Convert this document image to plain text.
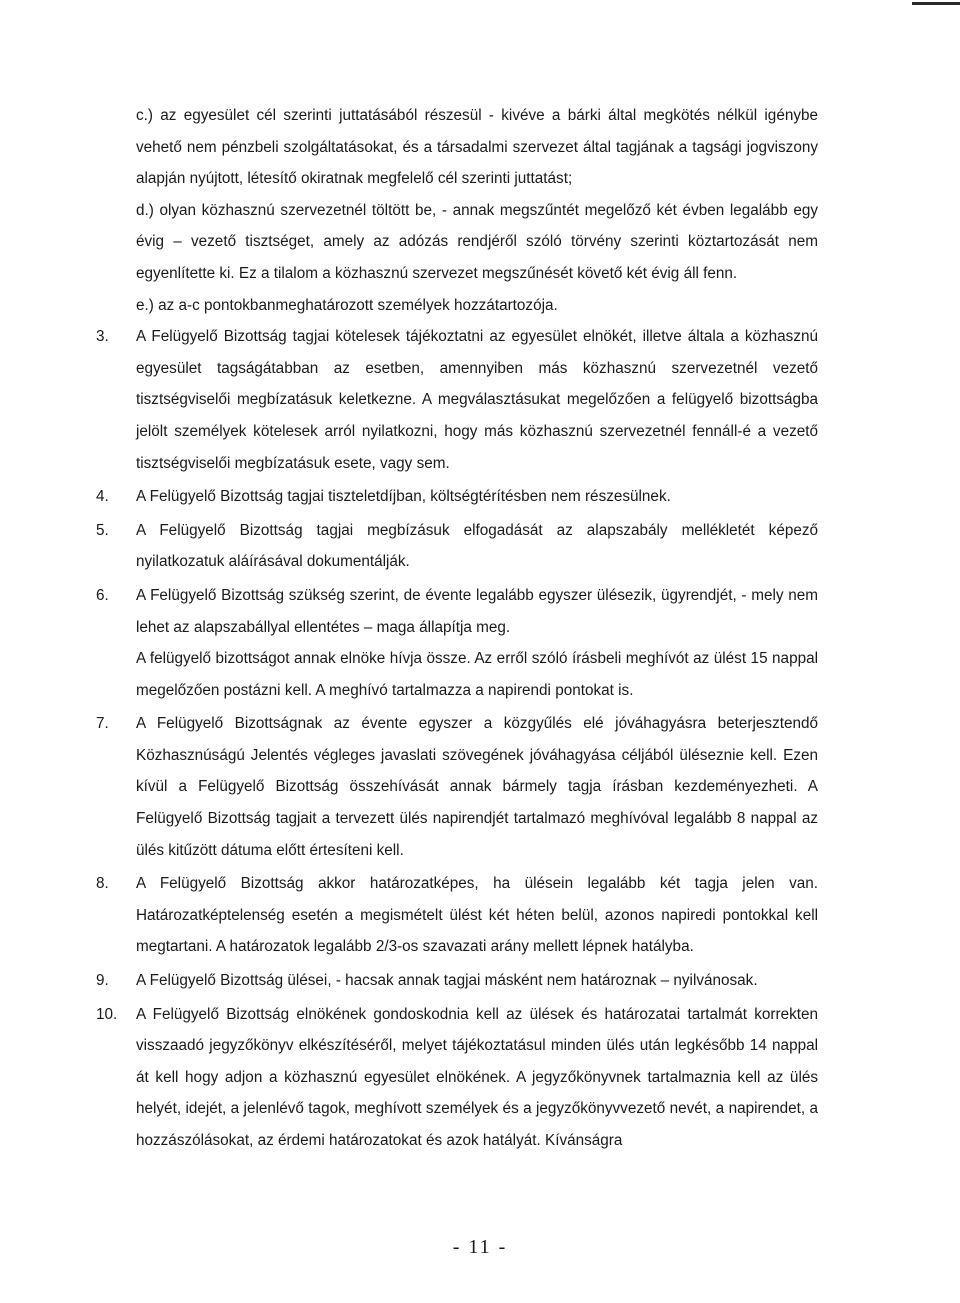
c.) az egyesület cél szerinti juttatásából részesül - kivéve a bárki által megkötés nélkül igénybe vehető nem pénzbeli szolgáltatásokat, és a társadalmi szervezet által tagjának a tagsági jogviszony alapján nyújtott, létesítő okiratnak megfelelő cél szerinti juttatást;

d.) olyan közhasznú szervezetnél töltött be, - annak megszűntét megelőző két évben legalább egy évig – vezető tisztséget, amely az adózás rendjéről szóló törvény szerinti köztartozását nem egyenlítette ki. Ez a tilalom a közhasznú szervezet megszűnését követő két évig áll fenn.

e.) az a-c pontokbanmeghatározott személyek hozzátartozója.

3.	A Felügyelő Bizottság tagjai kötelesek tájékoztatni az egyesület elnökét, illetve általa a közhasznú egyesület tagságátabban az esetben, amennyiben más közhasznú szervezetnél vezető tisztségviselői megbízatásuk keletkezne. A megválasztásukat megelőzően a felügyelő bizottságba jelölt személyek kötelesek arról nyilatkozni, hogy más közhasznú szervezetnél fennáll-é a vezető tisztségviselői megbízatásuk esete, vagy sem.

4.	A Felügyelő Bizottság tagjai tiszteletdíjban, költségtérítésben nem részesülnek.

5.	A Felügyelő Bizottság tagjai megbízásuk elfogadását az alapszabály mellékletét képező nyilatkozatuk aláírásával dokumentálják.

6.	A Felügyelő Bizottság szükség szerint, de évente legalább egyszer ülésezik, ügyrendjét, - mely nem lehet az alapszabállyal ellentétes – maga állapítja meg.

A felügyelő bizottságot annak elnöke hívja össze. Az erről szóló írásbeli meghívót az ülést 15 nappal megelőzően postázni kell. A meghívó tartalmazza a napirendi pontokat is.

7.	A Felügyelő Bizottságnak az évente egyszer a közgyűlés elé jóváhagyásra beterjesztendő Közhasznúságú Jelentés végleges javaslati szövegének jóváhagyása céljából üléseznie kell. Ezen kívül a Felügyelő Bizottság összehívását annak bármely tagja írásban kezdeményezheti. A Felügyelő Bizottság tagjait a tervezett ülés napirendjét tartalmazó meghívóval legalább 8 nappal az ülés kitűzött dátuma előtt értesíteni kell.

8.	A Felügyelő Bizottság akkor határozatképes, ha ülésein legalább két tagja jelen van. Határozatképtelenség esetén a megismételt ülést két héten belül, azonos napiredi pontokkal kell megtartani. A határozatok legalább 2/3-os szavazati arány mellett lépnek hatályba.

9.	A Felügyelő Bizottság ülései, - hacsak annak tagjai másként nem határoznak – nyilvánosak.

10.	A Felügyelő Bizottság elnökének gondoskodnia kell az ülések és határozatai tartalmát korrekten visszaadó jegyzőkönyv elkészítéséről, melyet tájékoztatásul minden ülés után legkésőbb 14 nappal át kell hogy adjon a közhasznú egyesület elnökének. A jegyzőkönyvnek tartalmaznia kell az ülés helyét, idejét, a jelenlévő tagok, meghívott személyek és a jegyzőkönyvvezető nevét, a napirendet, a hozzászólásokat, az érdemi határozatokat és azok hatályát. Kívánságra

- 11 -
